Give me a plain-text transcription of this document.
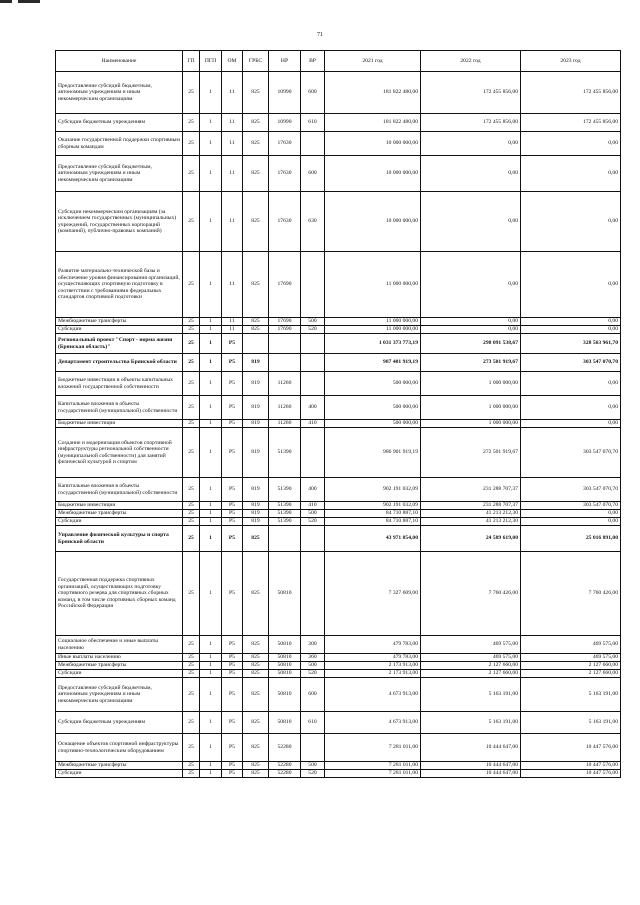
71
Наименование	ГП	ПГП	ОМ	ГРБС	НР	ВР	2021 год	2022 год	2023 год
Предоставление субсидий бюджетным, автономным учреждениям и иным некоммерческим организациям	25	1	11	825	10990	600	181 822 480,00	172 455 856,00	172 455 856,00
Субсидии бюджетным учреждениям	25	1	11	825	10990	610	181 822 480,00	172 455 856,00	172 455 856,00
Оказание государственной поддержки спортивным сборным командам	25	1	11	825	17630		10 000 000,00	0,00	0,00
Предоставление субсидий бюджетным, автономным учреждениям и иным некоммерческим организациям	25	1	11	825	17630	600	10 000 000,00	0,00	0,00
Субсидии некоммерческим организациям (за исключением государственных (муниципальных) учреждений, государственных корпораций (компаний), публично-правовых компаний)	25	1	11	825	17630	630	10 000 000,00	0,00	0,00
Развитие материально-технической базы и обеспечение уровня финансирования организаций, осуществляющих спортивную подготовку в соответствии с требованиями федеральных стандартов спортивной подготовки	25	1	11	825	17690		11 000 000,00	0,00	0,00
Межбюджетные трансферты	25	1	11	825	17690	500	11 000 000,00	0,00	0,00
Субсидии	25	1	11	825	17690	520	11 000 000,00	0,00	0,00
Региональный проект "Спорт - норма жизни (Брянская область)"	25	1	P5				1 031 373 773,19	298 091 538,67	328 563 961,70
Департамент строительства Брянской области	25	1	P5	819			987 401 919,19	273 501 919,67	303 547 070,70
Бюджетные инвестиции в объекты капитальных вложений государственной собственности	25	1	P5	819	11260		500 000,00	1 000 000,00	0,00
Капитальные вложения в объекты государственной (муниципальной) собственности	25	1	P5	819	11260	400	500 000,00	1 000 000,00	0,00
Бюджетные инвестиции	25	1	P5	819	11260	410	500 000,00	1 000 000,00	0,00
Создание и модернизация объектов спортивной инфраструктуры региональной собственности (муниципальной собственности) для занятий физической культурой и спортом	25	1	P5	819	51390		986 901 919,19	272 501 919,67	303 547 070,70
Капитальные вложения в объекты государственной (муниципальной) собственности	25	1	P5	819	51390	400	902 191 032,09	231 288 707,37	303 547 070,70
Бюджетные инвестиции	25	1	P5	819	51390	410	902 191 032,09	231 288 707,37	303 547 070,70
Межбюджетные трансферты	25	1	P5	819	51390	500	84 710 887,10	41 213 212,30	0,00
Субсидии	25	1	P5	819	51390	520	84 710 887,10	41 213 212,30	0,00
Управление физической культуры и спорта Брянской области	25	1	P5	825			43 971 854,00	24 589 619,00	25 016 891,00
Государственная поддержка спортивных организаций, осуществляющих подготовку спортивного резерва для спортивных сборных команд, в том числе спортивных сборных команд Российской Федерации	25	1	P5	825	50810		7 327 609,00	7 760 426,00	7 760 426,00
Социальное обеспечение и иные выплаты населению	25	1	P5	825	50810	300	479 783,00	469 575,00	469 575,00
Иные выплаты населению	25	1	P5	825	50810	360	479 783,00	469 575,00	469 575,00
Межбюджетные трансферты	25	1	P5	825	50810	500	2 173 913,00	2 127 660,00	2 127 660,00
Субсидии	25	1	P5	825	50810	520	2 173 913,00	2 127 660,00	2 127 660,00
Предоставление субсидий бюджетным, автономным учреждениям и иным некоммерческим организациям	25	1	P5	825	50810	600	4 673 913,00	5 163 191,00	5 163 191,00
Субсидии бюджетным учреждениям	25	1	P5	825	50810	610	4 673 913,00	5 163 191,00	5 163 191,00
Оснащение объектов спортивной инфраструктуры спортивно-технологическим оборудованием	25	1	P5	825	52280		7 281 011,00	10 444 647,00	10 447 576,00
Межбюджетные трансферты	25	1	P5	825	52280	500	7 281 011,00	10 444 647,00	10 447 576,00
Субсидии	25	1	P5	825	52280	520	7 281 011,00	10 444 647,00	10 447 576,00
